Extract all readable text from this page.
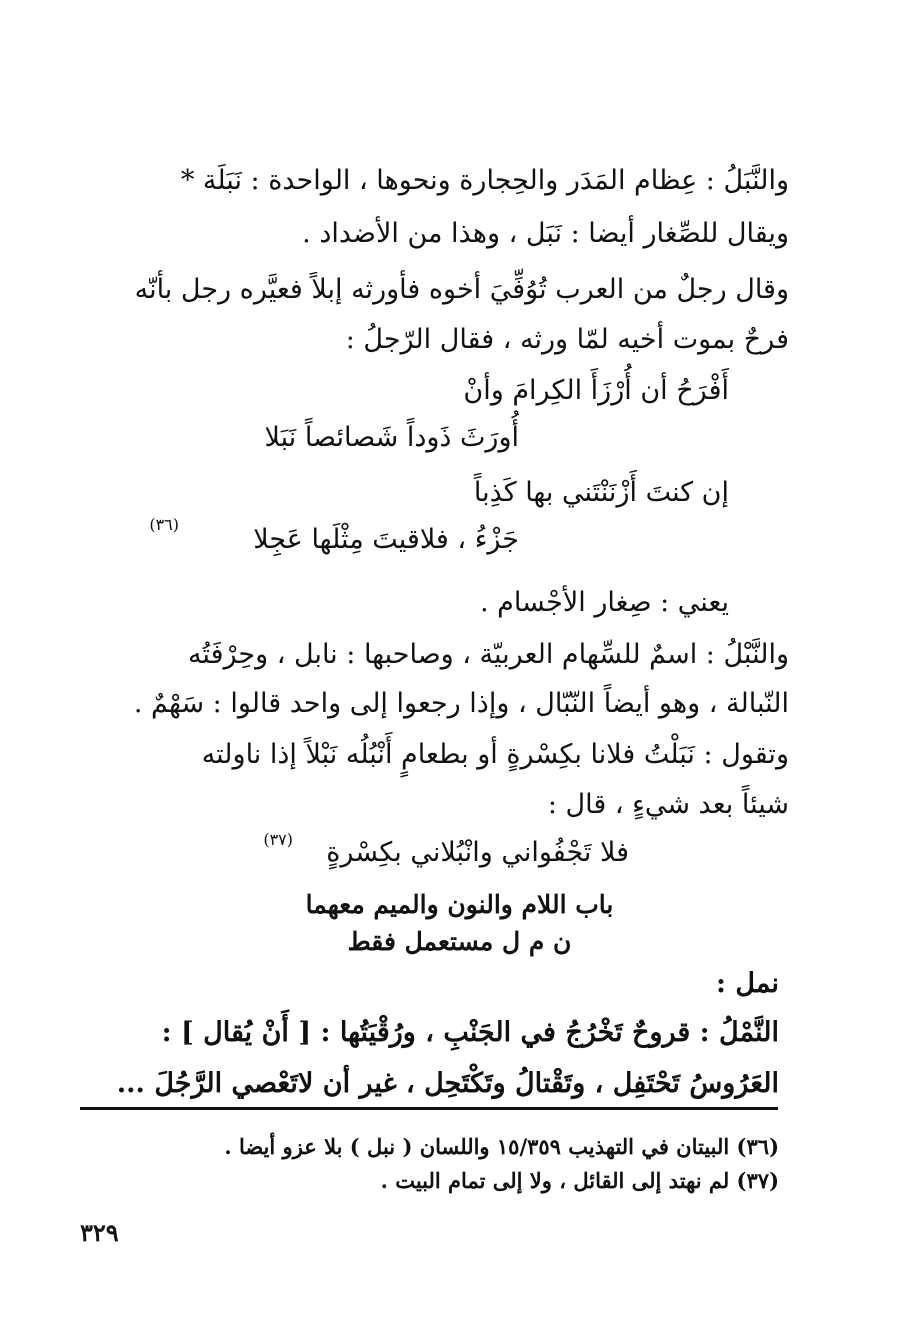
والنَّبَلُ : عِظام المَدَر والحِجارة ونحوها ، الواحدة : نَبَلَة *
ويقال للصِّغار أيضا : نَبَل ، وهذا من الأضداد .
وقال رجلٌ من العرب تُوُفِّيَ أخوه فأورثه إبلاً فعيَّره رجل بأنّه
فرحٌ بموت أخيه لمّا ورثه ، فقال الرّجلُ :
أَفْرَحُ أن أُرْزَأَ الكِرامَ وأنْ
أُورَثَ ذَوداً شَصائصاً نَبَلا
إن كنتَ أَزْنَنْتَني بها كَذِباً
جَزْءُ ، فلاقيتَ مِثْلَها عَجِلا
(٣٦)
يعني : صِغار الأجْسام .
والنَّبْلُ : اسمٌ للسِّهام العربيّة ، وصاحبها : نابل ، وحِرْفَتُه
النّبالة ، وهو أيضاً النّبّال ، وإذا رجعوا إلى واحد قالوا : سَهْمٌ .
وتقول : نَبَلْتُ فلانا بكِسْرةٍ أو بطعامٍ أَنْبُلُه نَبْلاً إذا ناولته
شيئاً بعد شيءٍ ، قال :
فلا تَجْفُواني وانْبُلاني بكِسْرةٍ
(٣٧)
باب اللام والنون والميم معهما
ن م ل مستعمل فقط
نمل :
النَّمْلُ : قروحٌ تَخْرُجُ في الجَنْبِ ، ورُقْيَتُها : [ أَنْ يُقال ] :
العَرُوسُ تَحْتَفِل ، وتَقْتالُ وتَكْتَحِل ، غير أن لاتَعْصي الرَّجُلَ ...
(٣٦) البيتان في التهذيب ١٥/٣٥٩ واللسان ( نبل ) بلا عزو أيضا .
(٣٧) لم نهتد إلى القائل ، ولا إلى تمام البيت .
٣٢٩
